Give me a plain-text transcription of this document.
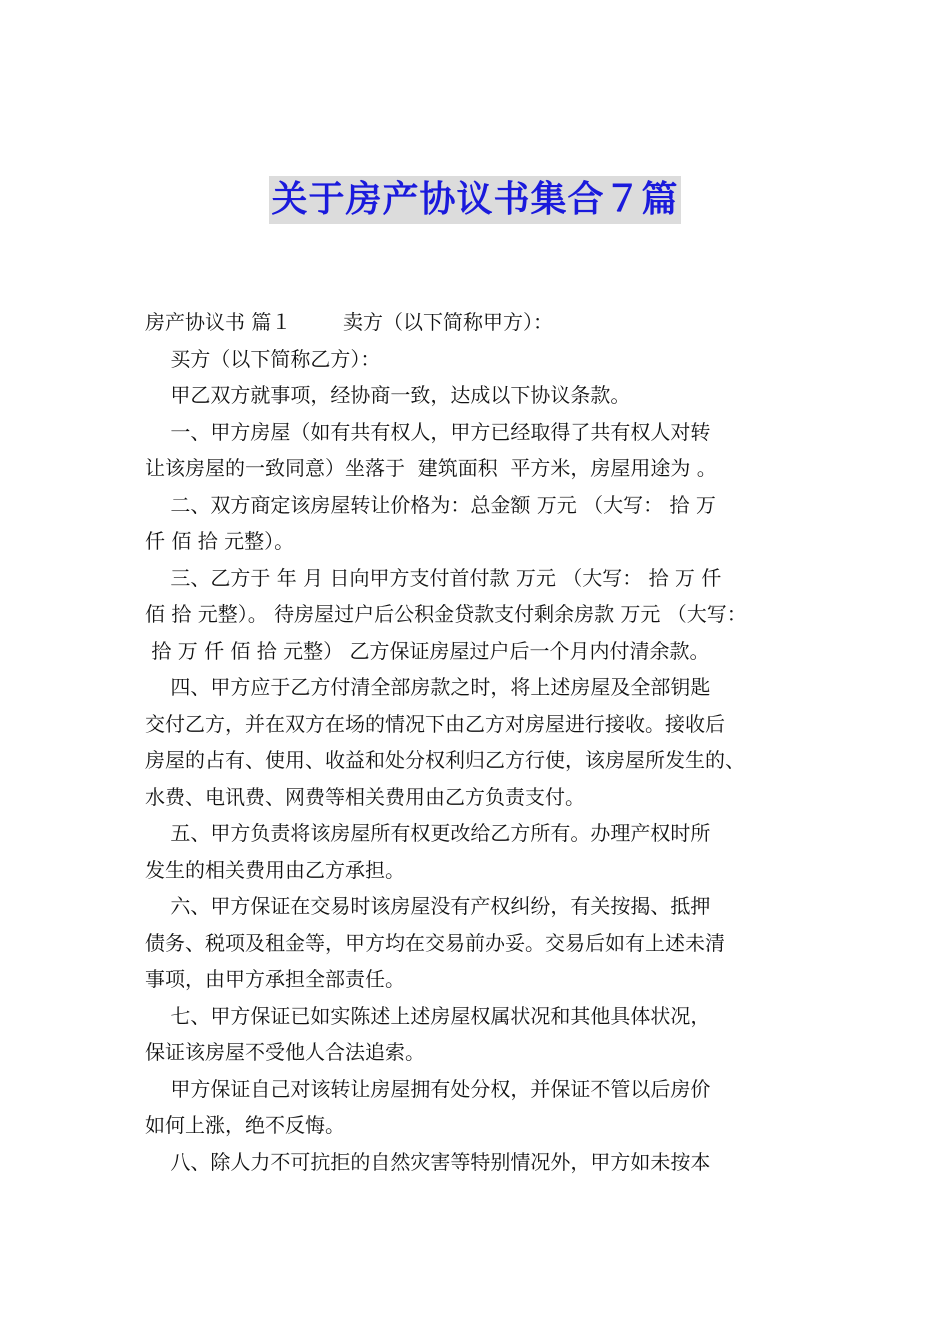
关于房产协议书集合７篇
房产协议书 篇１	卖方（以下简称甲方）：
买方（以下简称乙方）：
甲乙双方就事项，经协商一致，达成以下协议条款。
一、甲方房屋（如有共有权人，甲方已经取得了共有权人对转
让该房屋的一致同意）坐落于  建筑面积  平方米，房屋用途为 。
二、双方商定该房屋转让价格为：总金额 万元 （大写： 拾 万
仟 佰 拾 元整）。
三、乙方于 年 月 日向甲方支付首付款 万元 （大写： 拾 万 仟
佰 拾 元整）。 待房屋过户后公积金贷款支付剩余房款 万元 （大写：
拾 万 仟 佰 拾 元整） 乙方保证房屋过户后一个月内付清余款。
四、甲方应于乙方付清全部房款之时，将上述房屋及全部钥匙
交付乙方，并在双方在场的情况下由乙方对房屋进行接收。接收后
房屋的占有、使用、收益和处分权利归乙方行使，该房屋所发生的、
水费、电讯费、网费等相关费用由乙方负责支付。
五、甲方负责将该房屋所有权更改给乙方所有。办理产权时所
发生的相关费用由乙方承担。
六、甲方保证在交易时该房屋没有产权纠纷，有关按揭、抵押
债务、税项及租金等，甲方均在交易前办妥。交易后如有上述未清
事项，由甲方承担全部责任。
七、甲方保证已如实陈述上述房屋权属状况和其他具体状况，
保证该房屋不受他人合法追索。
甲方保证自己对该转让房屋拥有处分权，并保证不管以后房价
如何上涨，绝不反悔。
八、除人力不可抗拒的自然灾害等特别情况外，甲方如未按本
